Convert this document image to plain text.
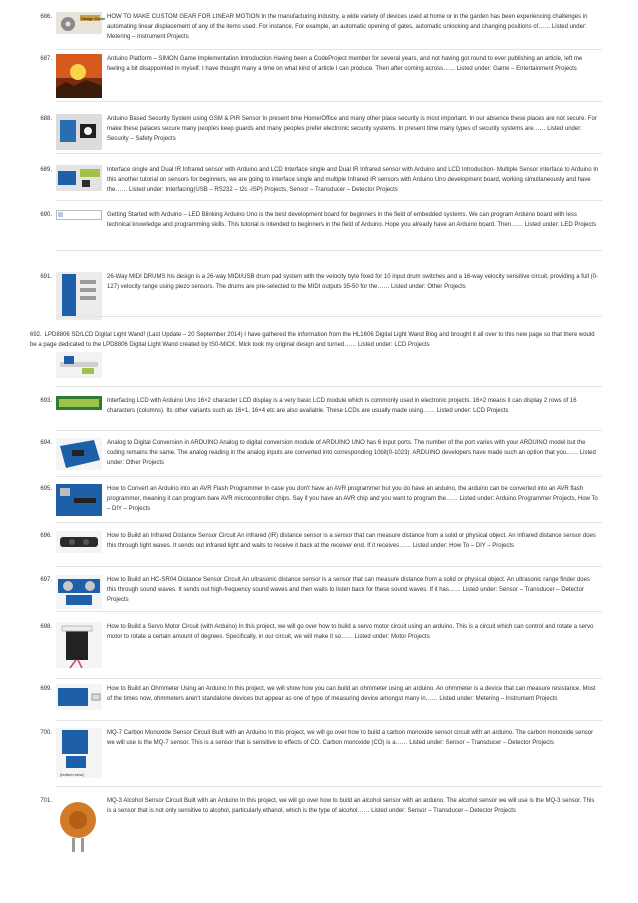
686.	Design Guide HOW TO MAKE CUSTOM GEAR FOR LINEAR MOTION In the manufacturing industry, a wide variety of devices used at home or in the garden has been experiencing challenges in automating linear displacement of any of the items used. For instance, For example, an automatic opening of gates, automatic unlocking and changing positions of…… Listed under: Metering – Instrument Projects
687.	Arduino Platform – SIMON Game Implementation Introduction Having been a CodeProject member for several years, and not having got round to ever publishing an article, left me feeling a bit disappointed in myself. I have thought many a time on what kind of article I can produce. Then after coming across…… Listed under: Game – Entertainment Projects
688.	Arduino Based Security System using GSM & PIR Sensor In present time Home/Office and many other place security is most important. In our absence these places are not secure. For make these palaces secure many peoples keep guards and many peoples prefer electronic security systems. In present time many types of security systems are…… Listed under: Security – Safety Projects
689.	Interface single and Dual IR Infrared sensor with Arduino and LCD Interface single and Dual IR Infrared sensor with Arduino and LCD Introduction- Multiple Sensor interface to Arduino In this another tutorial on sensors for beginners, we are going to interface single and multiple Infrared IR sensors with Arduino Uno development board, working simultaneously and have the…… Listed under: Interfacing(USB – RS232 – I2c -ISP) Projects, Sensor – Transducer – Detector Projects
690.	Getting Started with Arduino – LED Blinking Arduino Uno is the best development board for beginners in the field of embedded systems. We can program Arduino board with less technical knowledge and programming skills. This tutorial is intended to beginners in the field of Arduino. Hope you already have an Arduino board. Then…… Listed under: LED Projects
691.	26-Way MIDI DRUMS his design is a 26-way MIDI/USB drum pad system with the velocity byte fixed for 10 input drum switches and a 16-way velocity sensitive circuit, providing a full (0-127) velocity range using piezo sensors. The drums are pre-selected to the MIDI outputs 35-50 for the…… Listed under: Other Projects
692. LPD8806 SD/LCD Digital Light Wand! (Last Update – 20 September 2014) I have gathered the information from the HL1606 Digital Light Wand Blog and brought it all over to this new page so that there would be a page dedicated to the LPD8806 Digital Light Wand created by IS0-MICK. Mick took my original design and turned…… Listed under: LCD Projects
693.	Interfacing LCD with Arduino Uno 16×2 character LCD display is a very basic LCD module which is commonly used in electronic projects. 16×2 means it can display 2 rows of 16 characters (columns). Its other variants such as 16×1, 16×4 etc are also available. These LCDs are usually made using…… Listed under: LCD Projects
694.	Analog to Digital Conversion in ARDUINO Analog to digital conversion module of ARDUINO UNO has 6 input ports. The number of the port varies with your ARDUINO model but the coding remains the same. The analog reading in the analog inputs are converted into corresponding 10bit(0-1023). ARDUINO developers have made such an option that you…… Listed under: Other Projects
695.	How to Convert an Arduino into an AVR Flash Programmer In case you don't have an AVR programmer but you do have an arduino, the arduino can be converted into an AVR flash programmer, meaning it can program bare AVR microcontroller chips. Say if you have an AVR chip and you want to program the…… Listed under: Arduino Programmer Projects, How To – DIY – Projects
696.	How to Build an Infrared Distance Sensor Circuit An infrared (IR) distance sensor is a sensor that can measure distance from a solid or physical object. An infrared distance sensor does this through light waves. It sends out infrared light and waits to receive it back at the receiver end. If it receives…… Listed under: How To – DIY – Projects
697.	How to Build an HC-SR04 Distance Sensor Circuit An ultrasonic distance sensor is a sensor that can measure distance from a solid or physical object. An ultrasonic range finder does this through sound waves. It sends out high-frequency sound waves and then waits to listen back for these sound waves. If it has…… Listed under: Sensor – Transducer – Detector Projects
698.	How to Build a Servo Motor Circuit (with Arduino) In this project, we will go over how to build a servo motor circuit using an arduino. This is a circuit which can control and rotate a servo motor to rotate a certain amount of degrees. Specifically, in our circuit, we will make it so…… Listed under: Motor Projects
699.	How to Build an Ohmmeter Using an Arduino In this project, we will show how you can build an ohmmeter using an arduino. An ohmmeter is a device that can measure resistance. Most of the times now, ohmmeters aren't standalone devices but appear as one of type of measuring device amongst many in…… Listed under: Metering – Instrument Projects
700.
(bottom view)
MQ-7 Carbon Monoxide Sensor Circuit Built with an Arduino In this project, we will go over how to build a carbon monoxide sensor circuit with an arduino. The carbon monoxide sensor we will use is the MQ-7 sensor. This is a sensor that is sensitive to effects of CO. Carbon monoxide (CO) is a…… Listed under: Sensor – Transducer – Detector Projects
701.	MQ-3 Alcohol Sensor Circuit Built with an Arduino In this project, we will go over how to build an alcohol sensor with an arduino. The alcohol sensor we will use is the MQ-3 sensor. This is a sensor that is not only sensitive to alcohol, particularly ethanol, which is the type of alcohol…… Listed under: Sensor – Transducer – Detector Projects
